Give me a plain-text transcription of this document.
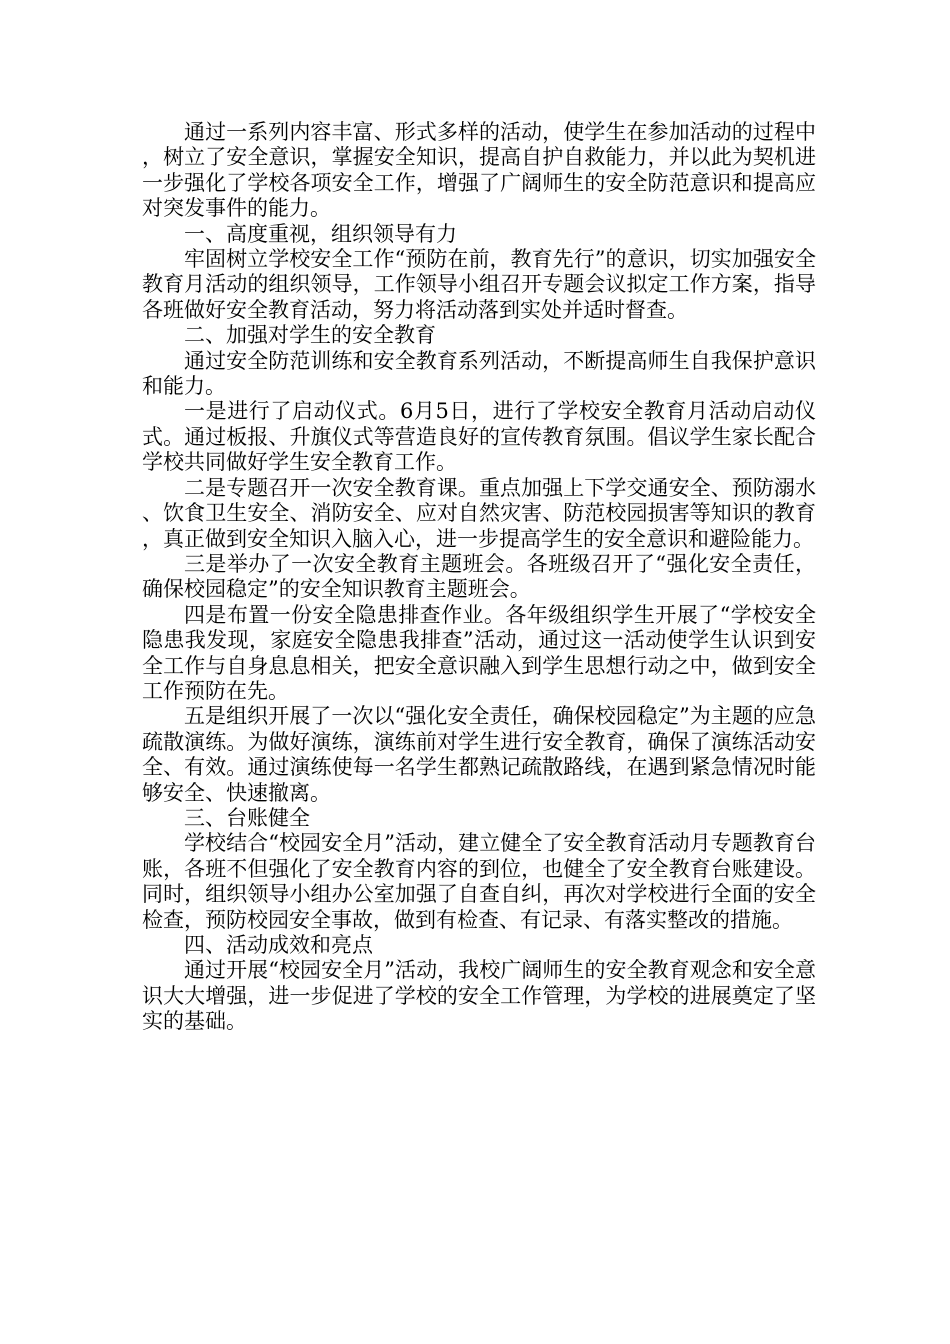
通过一系列内容丰富、形式多样的活动，使学生在参加活动的过程中，树立了安全意识，掌握安全知识，提高自护自救能力，并以此为契机进一步强化了学校各项安全工作，增强了广阔师生的安全防范意识和提高应对突发事件的能力。

一、高度重视，组织领导有力

牢固树立学校安全工作“预防在前，教育先行”的意识，切实加强安全教育月活动的组织领导，工作领导小组召开专题会议拟定工作方案，指导各班做好安全教育活动，努力将活动落到实处并适时督查。

二、加强对学生的安全教育

通过安全防范训练和安全教育系列活动，不断提高师生自我保护意识和能力。

一是进行了启动仪式。6月5日，进行了学校安全教育月活动启动仪式。通过板报、升旗仪式等营造良好的宣传教育氛围。倡议学生家长配合学校共同做好学生安全教育工作。

二是专题召开一次安全教育课。重点加强上下学交通安全、预防溺水、饮食卫生安全、消防安全、应对自然灾害、防范校园损害等知识的教育，真正做到安全知识入脑入心，进一步提高学生的安全意识和避险能力。

三是举办了一次安全教育主题班会。各班级召开了“强化安全责任，确保校园稳定”的安全知识教育主题班会。

四是布置一份安全隐患排查作业。各年级组织学生开展了“学校安全隐患我发现，家庭安全隐患我排查”活动，通过这一活动使学生认识到安全工作与自身息息相关，把安全意识融入到学生思想行动之中，做到安全工作预防在先。

五是组织开展了一次以“强化安全责任，确保校园稳定”为主题的应急疏散演练。为做好演练，演练前对学生进行安全教育，确保了演练活动安全、有效。通过演练使每一名学生都熟记疏散路线，在遇到紧急情况时能够安全、快速撤离。

三、台账健全

学校结合“校园安全月”活动，建立健全了安全教育活动月专题教育台账，各班不但强化了安全教育内容的到位，也健全了安全教育台账建设。同时，组织领导小组办公室加强了自查自纠，再次对学校进行全面的安全检查，预防校园安全事故，做到有检查、有记录、有落实整改的措施。

四、活动成效和亮点

通过开展“校园安全月”活动，我校广阔师生的安全教育观念和安全意识大大增强，进一步促进了学校的安全工作管理，为学校的进展奠定了坚实的基础。
